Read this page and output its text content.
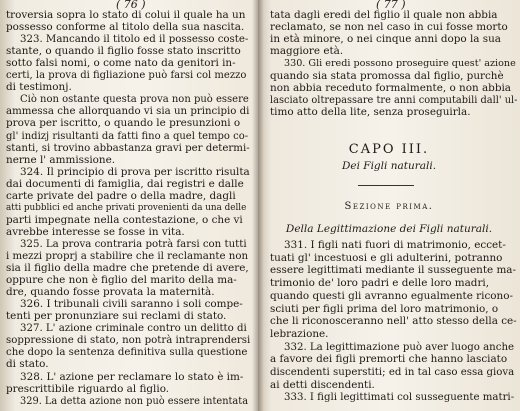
( 76 )
troversia sopra lo stato di colui il quale ha un
possesso conforme al titolo della sua nascita.
323. Mancando il titolo ed il possesso coste-
stante, o quando il figlio fosse stato inscritto
sotto falsi nomi, o come nato da genitori in-
certi, la prova di figliazione può farsi col mezzo
di testimonj.
Ciò non ostante questa prova non può essere
ammessa che allorquando vi sia un principio di
prova per iscritto, o quando le presunzioni o
gl' indizj risultanti da fatti fino a quel tempo co-
stanti, si trovino abbastanza gravi per determi-
nerne l' ammissione.
324. Il principio di prova per iscritto risulta
dai documenti di famiglia, dai registri e dalle
carte private del padre o della madre, dagli
atti pubblici ed anche privati provenienti da una delle
parti impegnate nella contestazione, o che vi
avrebbe interesse se fosse in vita.
325. La prova contraria potrà farsi con tutti
i mezzi proprj a stabilire che il reclamante non
sia il figlio della madre che pretende di avere,
oppure che non è figlio del marito della ma-
dre, quando fosse provata la maternità.
326. I tribunali civili saranno i soli compe-
tenti per pronunziare sui reclami di stato.
327. L' azione criminale contro un delitto di
soppressione di stato, non potrà intraprendersi
che dopo la sentenza definitiva sulla questione
di stato.
328. L' azione per reclamare lo stato è im-
prescrittibile riguardo al figlio.
329. La detta azione non può essere intentata
( 77 )
tata dagli eredi del figlio il quale non abbia
reclamato, se non nel caso in cui fosse morto
in età minore, o nei cinque anni dopo la sua
maggiore età.
330. Gli eredi possono proseguire quest' azione
quando sia stata promossa dal figlio, purchè
non abbia receduto formalmente, o non abbia
lasciato oltrepassare tre anni computabili dall' ul-
timo atto della lite, senza proseguirla.
CAPO III.
Dei Figli naturali.
Sezione prima.
Della Legittimazione dei Figli naturali.
331. I figli nati fuori di matrimonio, eccet-
tuati gl' incestuosi e gli adulterini, potranno
essere legittimati mediante il susseguente ma-
trimonio de' loro padri e delle loro madri,
quando questi gli avranno egualmente ricono-
sciuti per figli prima del loro matrimonio, o
che li riconosceranno nell' atto stesso della ce-
lebrazione.
332. La legittimazione può aver luogo anche
a favore dei figli premorti che hanno lasciato
discendenti superstiti; ed in tal caso essa giova
ai detti discendenti.
333. I figli legittimati col susseguente matri-
